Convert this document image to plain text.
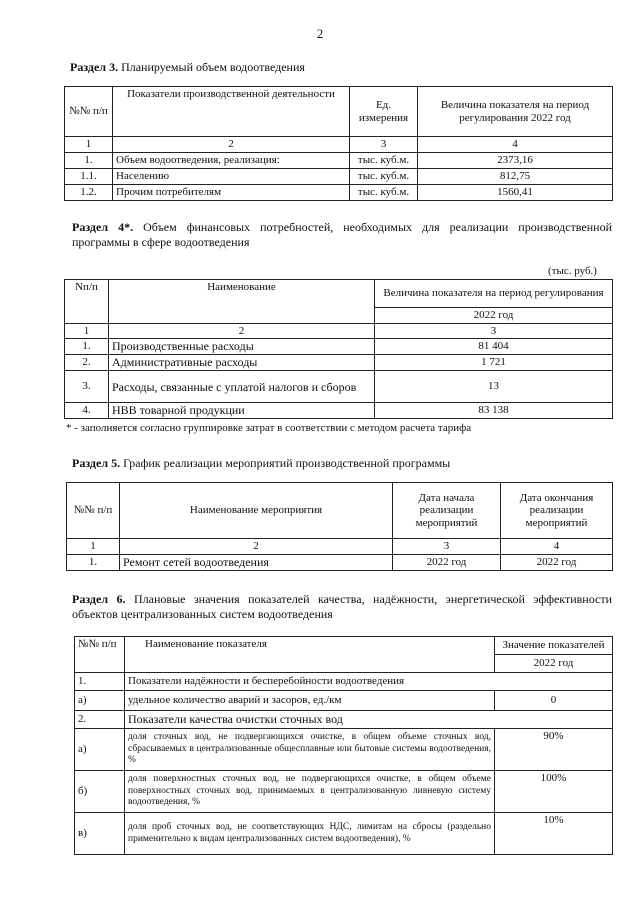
2
Раздел 3. Планируемый объем водоотведения
№№ п/п	Показатели производственной деятельности	Ед. измерения	Величина показателя на период регулирования 2022 год
1	2	3	4
1.	Объем водоотведения, реализация:	тыс. куб.м.	2373,16
1.1.	Населению	тыс. куб.м.	812,75
1.2.	Прочим потребителям	тыс. куб.м.	1560,41
Раздел 4*. Объем финансовых потребностей, необходимых для реализации производственной программы в сфере водоотведения
(тыс. руб.)
Nп/п	Наименование	Величина показателя на период регулирования
		2022 год
1	2	3
1.	Производственные расходы	81 404
2.	Административные расходы	1 721
3.	Расходы, связанные с уплатой налогов и сборов	13
4.	НВВ товарной продукции	83 138
* - заполняется согласно группировке затрат в соответствии с методом расчета тарифа
Раздел 5. График реализации мероприятий производственной программы
№№ п/п	Наименование мероприятия	Дата начала реализации мероприятий	Дата окончания реализации мероприятий
1	2	3	4
1.	Ремонт сетей водоотведения	2022 год	2022 год
Раздел 6. Плановые значения показателей качества, надёжности, энергетической эффективности объектов централизованных систем водоотведения
№№ п/п	Наименование показателя	Значение показателей
		2022 год
1.	Показатели надёжности и бесперебойности водоотведения	
а)	удельное количество аварий и засоров, ед./км	0
2.	Показатели качества очистки сточных вод	
а)	доля сточных вод, не подвергающихся очистке, в общем объеме сточных вод, сбрасываемых в централизованные общесплавные или бытовые системы водоотведения, %	90%
б)	доля поверхностных сточных вод, не подвергающихся очистке, в общем объеме поверхностных сточных вод, принимаемых в централизованную ливневую систему водоотведения, %	100%
в)	доля проб сточных вод, не соответствующих НДС, лимитам на сбросы (раздельно применительно к видам централизованных систем водоотведения), %	10%
